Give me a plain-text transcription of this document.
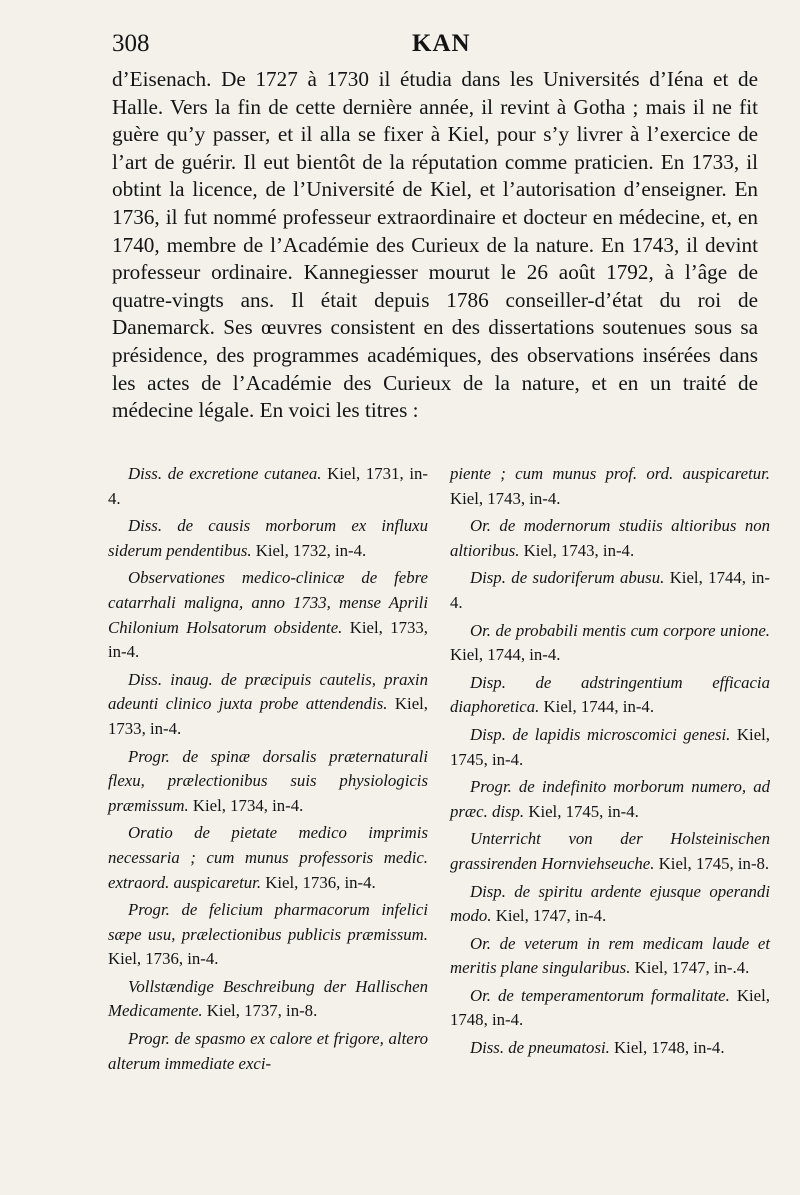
308	KAN

d’Eisenach. De 1727 à 1730 il étudia dans les Universités d’Iéna et de Halle. Vers la fin de cette dernière année, il revint à Gotha ; mais il ne fit guère qu’y passer, et il alla se fixer à Kiel, pour s’y livrer à l’exercice de l’art de guérir. Il eut bientôt de la réputation comme praticien. En 1733, il obtint la licence, de l’Université de Kiel, et l’autorisation d’enseigner. En 1736, il fut nommé professeur extraordinaire et docteur en médecine, et, en 1740, membre de l’Académie des Curieux de la nature. En 1743, il devint professeur ordinaire. Kannegiesser mourut le 26 août 1792, à l’âge de quatre-vingts ans. Il était depuis 1786 conseiller-d’état du roi de Danemarck. Ses œuvres consistent en des dissertations soutenues sous sa présidence, des programmes académiques, des observations insérées dans les actes de l’Académie des Curieux de la nature, et en un traité de médecine légale. En voici les titres :

Diss. de excretione cutanea. Kiel, 1731, in-4.

Diss. de causis morborum ex influxu siderum pendentibus. Kiel, 1732, in-4.

Observationes medico-clinicæ de febre catarrhali maligna, anno 1733, mense Aprili Chilonium Holsatorum obsidente. Kiel, 1733, in-4.

Diss. inaug. de præcipuis cautelis, praxin adeunti clinico juxta probe attendendis. Kiel, 1733, in-4.

Progr. de spinæ dorsalis præternaturali flexu, prælectionibus suis physiologicis præmissum. Kiel, 1734, in-4.

Oratio de pietate medico imprimis necessaria ; cum munus professoris medic. extraord. auspicaretur. Kiel, 1736, in-4.

Progr. de felicium pharmacorum infelici sæpe usu, prælectionibus publicis præmissum. Kiel, 1736, in-4.

Vollstændige Beschreibung der Hallischen Medicamente. Kiel, 1737, in-8.

Progr. de spasmo ex calore et frigore, altero alterum immediate exci-

piente ; cum munus prof. ord. auspicaretur. Kiel, 1743, in-4.

Or. de modernorum studiis altioribus non altioribus. Kiel, 1743, in-4.

Disp. de sudoriferum abusu. Kiel, 1744, in-4.

Or. de probabili mentis cum corpore unione. Kiel, 1744, in-4.

Disp. de adstringentium efficacia diaphoretica. Kiel, 1744, in-4.

Disp. de lapidis microscomici genesi. Kiel, 1745, in-4.

Progr. de indefinito morborum numero, ad præc. disp. Kiel, 1745, in-4.

Unterricht von der Holsteinischen grassirenden Hornviehseuche. Kiel, 1745, in-8.

Disp. de spiritu ardente ejusque operandi modo. Kiel, 1747, in-4.

Or. de veterum in rem medicam laude et meritis plane singularibus. Kiel, 1747, in-.4.

Or. de temperamentorum formalitate. Kiel, 1748, in-4.

Diss. de pneumatosi. Kiel, 1748, in-4.
